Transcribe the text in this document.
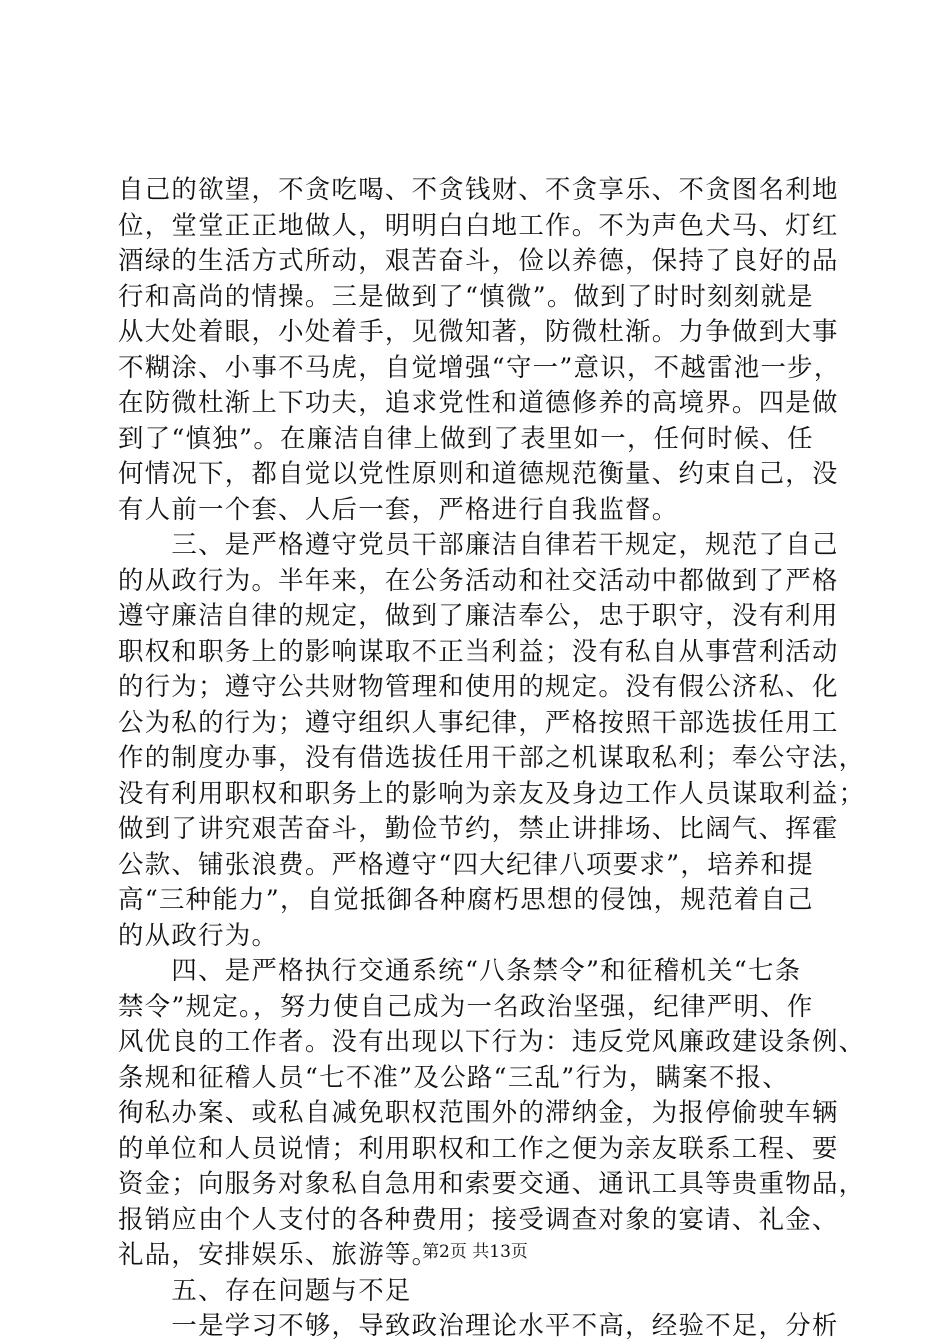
自己的欲望，不贪吃喝、不贪钱财、不贪享乐、不贪图名利地
位，堂堂正正地做人，明明白白地工作。不为声色犬马、灯红
酒绿的生活方式所动，艰苦奋斗，俭以养德，保持了良好的品
行和高尚的情操。三是做到了“慎微”。做到了时时刻刻就是
从大处着眼，小处着手，见微知著，防微杜渐。力争做到大事
不糊涂、小事不马虎，自觉增强“守一”意识，不越雷池一步，
在防微杜渐上下功夫，追求党性和道德修养的高境界。四是做
到了“慎独”。在廉洁自律上做到了表里如一，任何时候、任
何情况下，都自觉以党性原则和道德规范衡量、约束自己，没
有人前一个套、人后一套，严格进行自我监督。
　　三、是严格遵守党员干部廉洁自律若干规定，规范了自己
的从政行为。半年来，在公务活动和社交活动中都做到了严格
遵守廉洁自律的规定，做到了廉洁奉公，忠于职守，没有利用
职权和职务上的影响谋取不正当利益；没有私自从事营利活动
的行为；遵守公共财物管理和使用的规定。没有假公济私、化
公为私的行为；遵守组织人事纪律，严格按照干部选拔任用工
作的制度办事，没有借选拔任用干部之机谋取私利；奉公守法，
没有利用职权和职务上的影响为亲友及身边工作人员谋取利益；
做到了讲究艰苦奋斗，勤俭节约，禁止讲排场、比阔气、挥霍
公款、铺张浪费。严格遵守“四大纪律八项要求”，培养和提
高“三种能力”，自觉抵御各种腐朽思想的侵蚀，规范着自己
的从政行为。
　　四、是严格执行交通系统“八条禁令”和征稽机关“七条
禁令”规定。，努力使自己成为一名政治坚强，纪律严明、作
风优良的工作者。没有出现以下行为：违反党风廉政建设条例、
条规和征稽人员“七不准”及公路“三乱”行为，瞒案不报、
徇私办案、或私自减免职权范围外的滞纳金，为报停偷驶车辆
的单位和人员说情；利用职权和工作之便为亲友联系工程、要
资金；向服务对象私自急用和索要交通、通讯工具等贵重物品，
报销应由个人支付的各种费用；接受调查对象的宴请、礼金、
礼品，安排娱乐、旅游等。
　　五、存在问题与不足
　　一是学习不够，导致政治理论水平不高，经验不足，分析
第2页 共13页
